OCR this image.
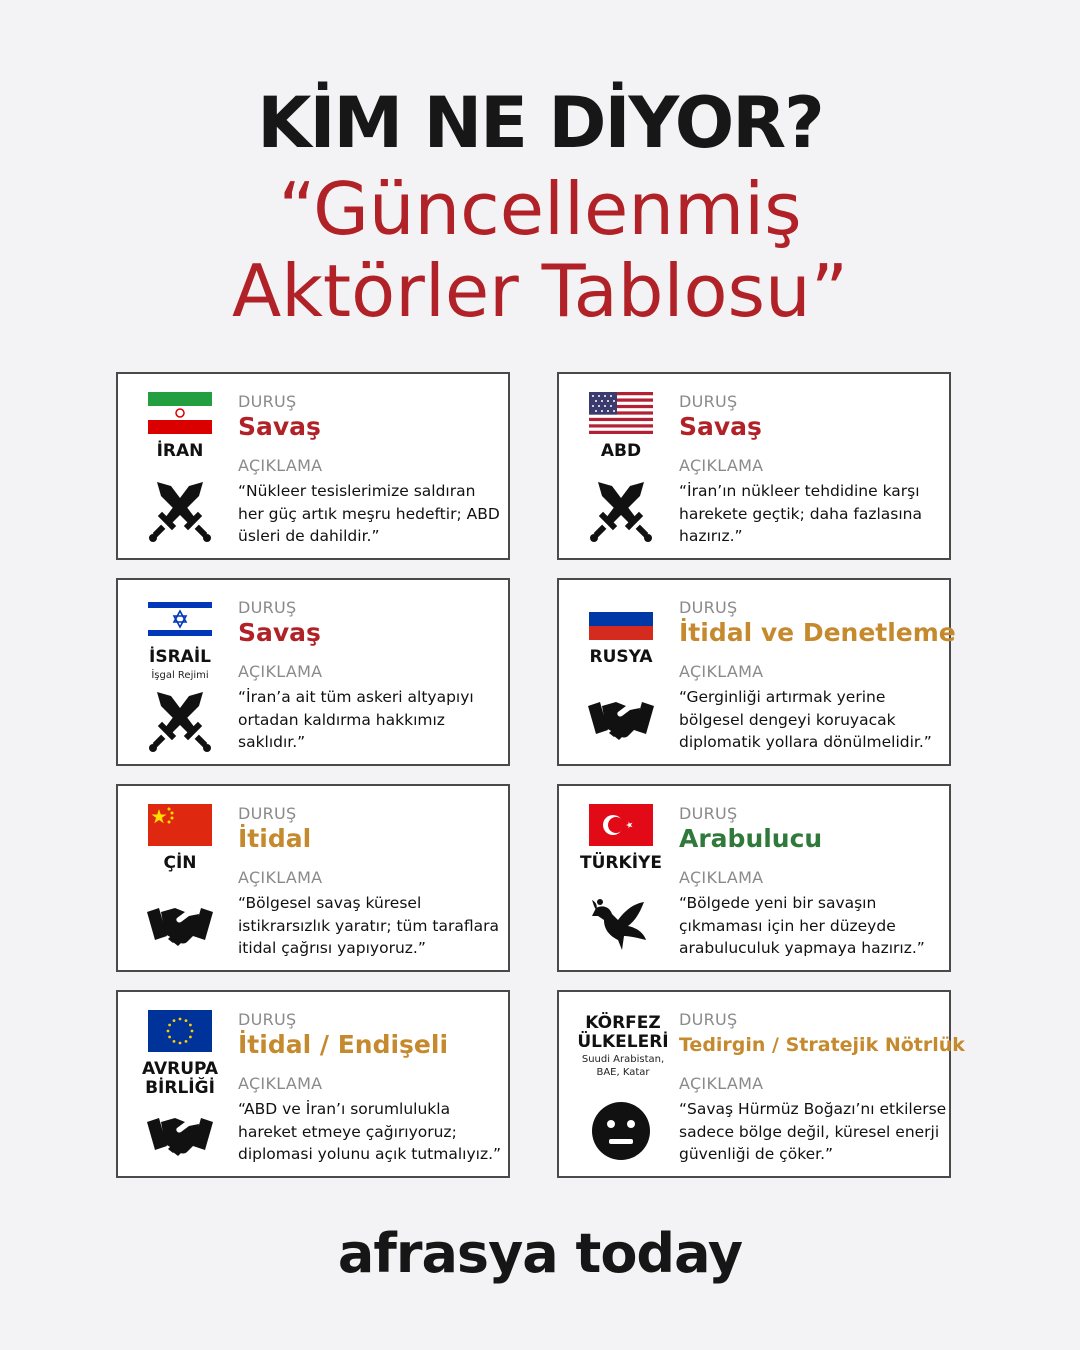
KİM NE DİYOR?
“Güncellenmiş
Aktörler Tablosu”
İRAN
DURUŞ
Savaş
AÇIKLAMA
“Nükleer tesislerimize saldıran her güç artık meşru hedeftir; ABD üsleri de dahildir.”
ABD
DURUŞ
Savaş
AÇIKLAMA
“İran’ın nükleer tehdidine karşı harekete geçtik; daha fazlasına hazırız.”
İSRAİL
İşgal Rejimi
DURUŞ
Savaş
AÇIKLAMA
“İran’a ait tüm askeri altyapıyı ortadan kaldırma hakkımız saklıdır.”
RUSYA
DURUŞ
İtidal ve Denetleme
AÇIKLAMA
“Gerginliği artırmak yerine bölgesel dengeyi koruyacak diplomatik yollara dönülmelidir.”
ÇİN
DURUŞ
İtidal
AÇIKLAMA
“Bölgesel savaş küresel istikrarsızlık yaratır; tüm taraflara itidal çağrısı yapıyoruz.”
TÜRKİYE
DURUŞ
Arabulucu
AÇIKLAMA
“Bölgede yeni bir savaşın çıkmaması için her düzeyde arabuluculuk yapmaya hazırız.”
AVRUPA BİRLİĞİ
DURUŞ
İtidal / Endişeli
AÇIKLAMA
“ABD ve İran’ı sorumlulukla hareket etmeye çağırıyoruz; diplomasi yolunu açık tutmalıyız.”
KÖRFEZ ÜLKELERİ
Suudi Arabistan, BAE, Katar
DURUŞ
Tedirgin / Stratejik Nötrlük
AÇIKLAMA
“Savaş Hürmüz Boğazı’nı etkilerse sadece bölge değil, küresel enerji güvenliği de çöker.”
afrasya today
